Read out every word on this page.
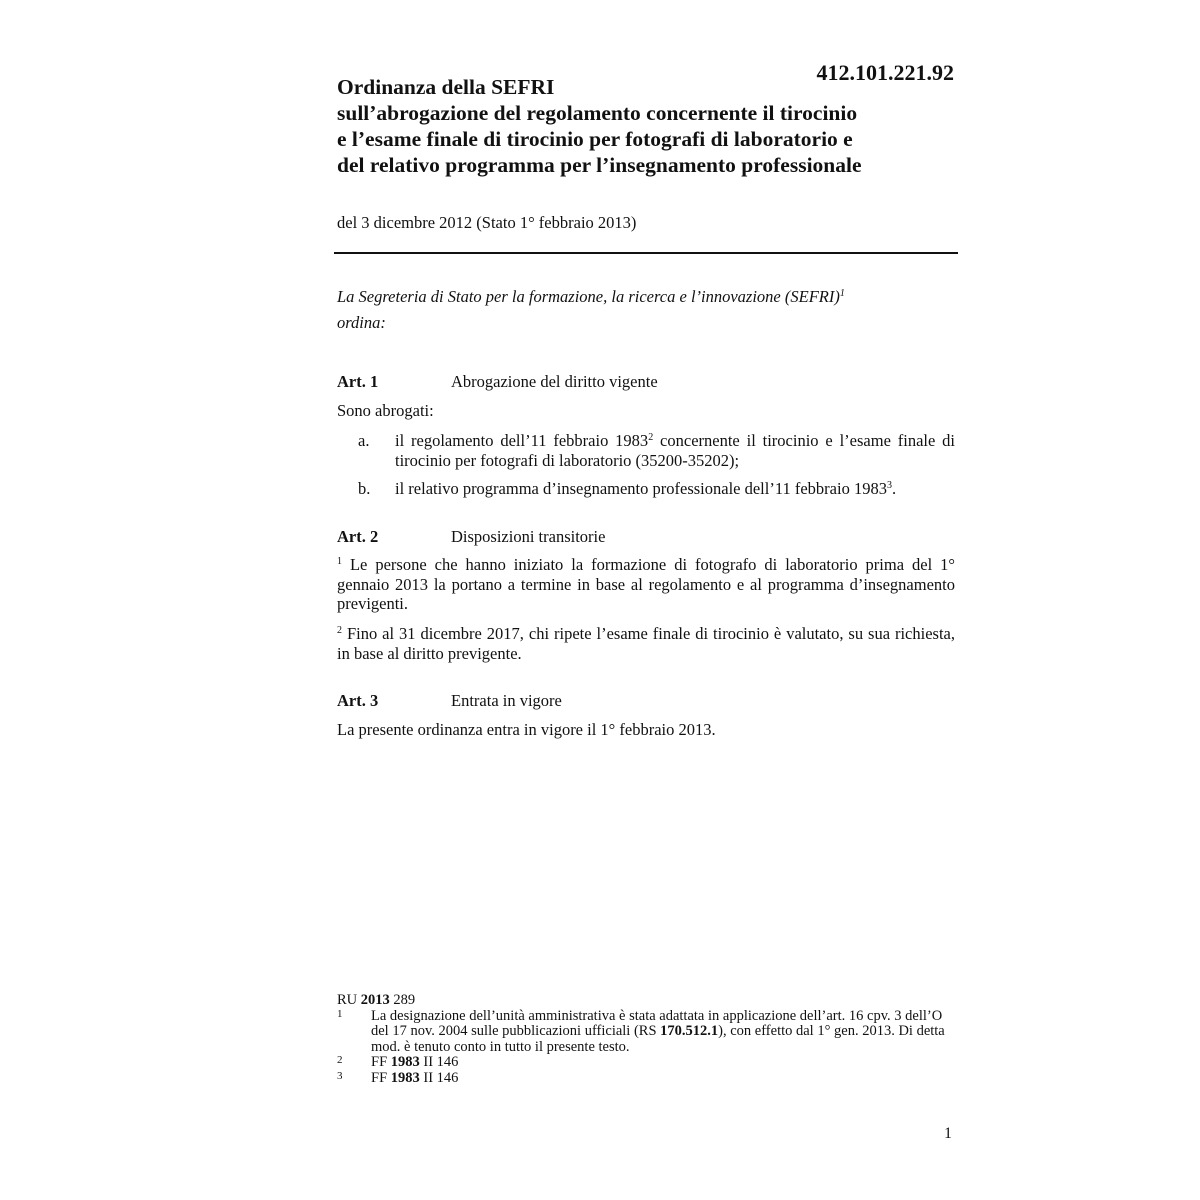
412.101.221.92
Ordinanza della SEFRI
sull’abrogazione del regolamento concernente il tirocinio
e l’esame finale di tirocinio per fotografi di laboratorio e
del relativo programma per l’insegnamento professionale
del 3 dicembre 2012 (Stato 1° febbraio 2013)
La Segreteria di Stato per la formazione, la ricerca e l’innovazione (SEFRI)$^1$
ordina:
Art. 1	Abrogazione del diritto vigente
Sono abrogati:
a. il regolamento dell’11 febbraio 1983$^2$ concernente il tirocinio e l’esame finale di tirocinio per fotografi di laboratorio (35200-35202);
b. il relativo programma d’insegnamento professionale dell’11 febbraio 1983$^3$.
Art. 2	Disposizioni transitorie
$^1$ Le persone che hanno iniziato la formazione di fotografo di laboratorio prima del 1° gennaio 2013 la portano a termine in base al regolamento e al programma d’insegnamento previgenti.
$^2$ Fino al 31 dicembre 2017, chi ripete l’esame finale di tirocinio è valutato, su sua richiesta, in base al diritto previgente.
Art. 3	Entrata in vigore
La presente ordinanza entra in vigore il 1° febbraio 2013.
RU 2013 289
1 La designazione dell’unità amministrativa è stata adattata in applicazione dell’art. 16 cpv. 3 dell’O del 17 nov. 2004 sulle pubblicazioni ufficiali (RS 170.512.1), con effetto dal 1° gen. 2013. Di detta mod. è tenuto conto in tutto il presente testo.
2 FF 1983 II 146
3 FF 1983 II 146
1
